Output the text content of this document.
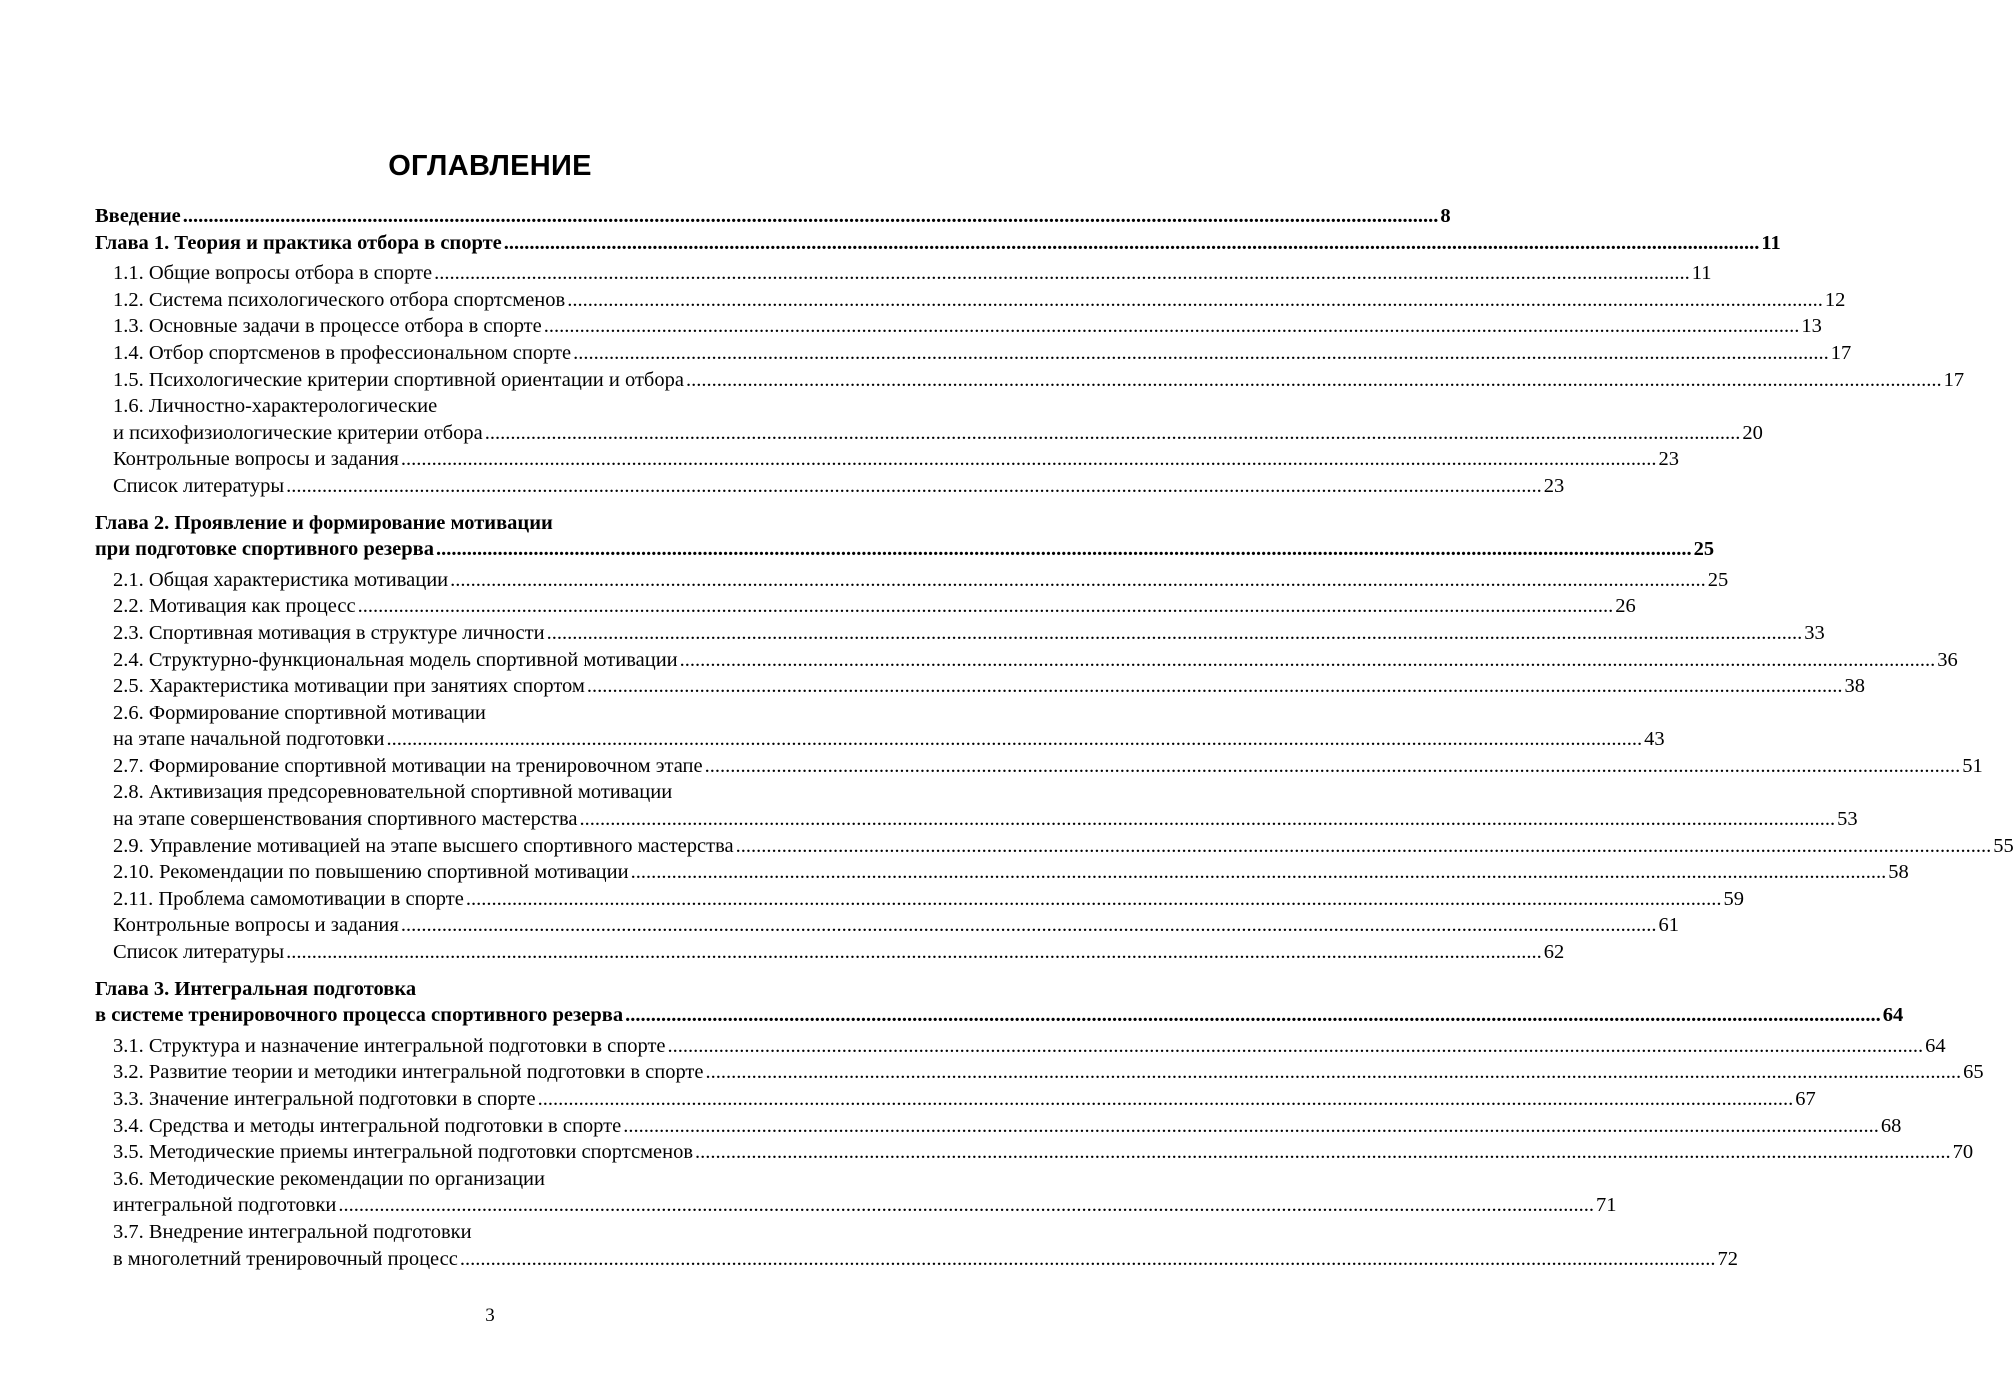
ОГЛАВЛЕНИЕ
Введение .....	8
Глава 1. Теория и практика отбора в спорте .....	11
1.1. Общие вопросы отбора в спорте .....	11
1.2. Система психологического отбора спортсменов .....	12
1.3. Основные задачи в процессе отбора в спорте .....	13
1.4. Отбор спортсменов в профессиональном спорте .....	17
1.5. Психологические критерии спортивной ориентации и отбора .....	17
1.6. Личностно-характерологические
и психофизиологические критерии отбора .....	20
Контрольные вопросы и задания .....	23
Список литературы .....	23
Глава 2. Проявление и формирование мотивации
при подготовке спортивного резерва .....	25
2.1. Общая характеристика мотивации .....	25
2.2. Мотивация как процесс .....	26
2.3. Спортивная мотивация в структуре личности .....	33
2.4. Структурно-функциональная модель спортивной мотивации .....	36
2.5. Характеристика мотивации при занятиях спортом .....	38
2.6. Формирование спортивной мотивации
на этапе начальной подготовки .....	43
2.7. Формирование спортивной мотивации на тренировочном этапе .....	51
2.8. Активизация предсоревновательной спортивной мотивации
на этапе совершенствования спортивного мастерства .....	53
2.9. Управление мотивацией на этапе высшего спортивного мастерства .....	55
2.10. Рекомендации по повышению спортивной мотивации .....	58
2.11. Проблема самомотивации в спорте .....	59
Контрольные вопросы и задания .....	61
Список литературы .....	62
Глава 3. Интегральная подготовка
в системе тренировочного процесса спортивного резерва .....	64
3.1. Структура и назначение интегральной подготовки в спорте .....	64
3.2. Развитие теории и методики интегральной подготовки в спорте .....	65
3.3. Значение интегральной подготовки в спорте .....	67
3.4. Средства и методы интегральной подготовки в спорте .....	68
3.5. Методические приемы интегральной подготовки спортсменов .....	70
3.6. Методические рекомендации по организации
интегральной подготовки .....	71
3.7. Внедрение интегральной подготовки
в многолетний тренировочный процесс .....	72
3
